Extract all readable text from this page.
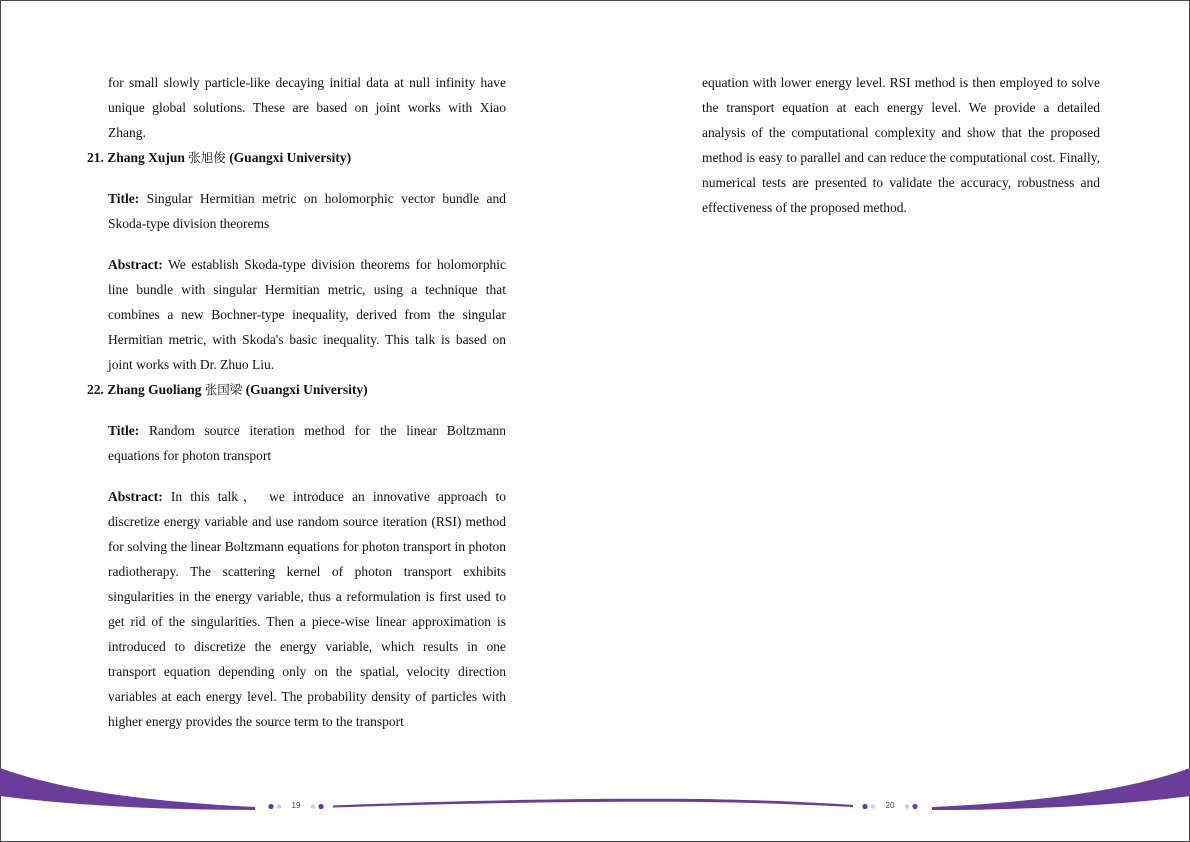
for small slowly particle-like decaying initial data at null infinity have unique global solutions. These are based on joint works with Xiao Zhang.

21. Zhang Xujun 张旭俊 (Guangxi University)

Title: Singular Hermitian metric on holomorphic vector bundle and Skoda-type division theorems

Abstract: We establish Skoda-type division theorems for holomorphic line bundle with singular Hermitian metric, using a technique that combines a new Bochner-type inequality, derived from the singular Hermitian metric, with Skoda's basic inequality. This talk is based on joint works with Dr. Zhuo Liu.

22. Zhang Guoliang 张国梁 (Guangxi University)

Title: Random source iteration method for the linear Boltzmann equations for photon transport

Abstract: In this talk， we introduce an innovative approach to discretize energy variable and use random source iteration (RSI) method for solving the linear Boltzmann equations for photon transport in photon radiotherapy. The scattering kernel of photon transport exhibits singularities in the energy variable, thus a reformulation is first used to get rid of the singularities. Then a piece-wise linear approximation is introduced to discretize the energy variable, which results in one transport equation depending only on the spatial, velocity direction variables at each energy level. The probability density of particles with higher energy provides the source term to the transport

equation with lower energy level. RSI method is then employed to solve the transport equation at each energy level. We provide a detailed analysis of the computational complexity and show that the proposed method is easy to parallel and can reduce the computational cost. Finally, numerical tests are presented to validate the accuracy, robustness and effectiveness of the proposed method.

19	20
